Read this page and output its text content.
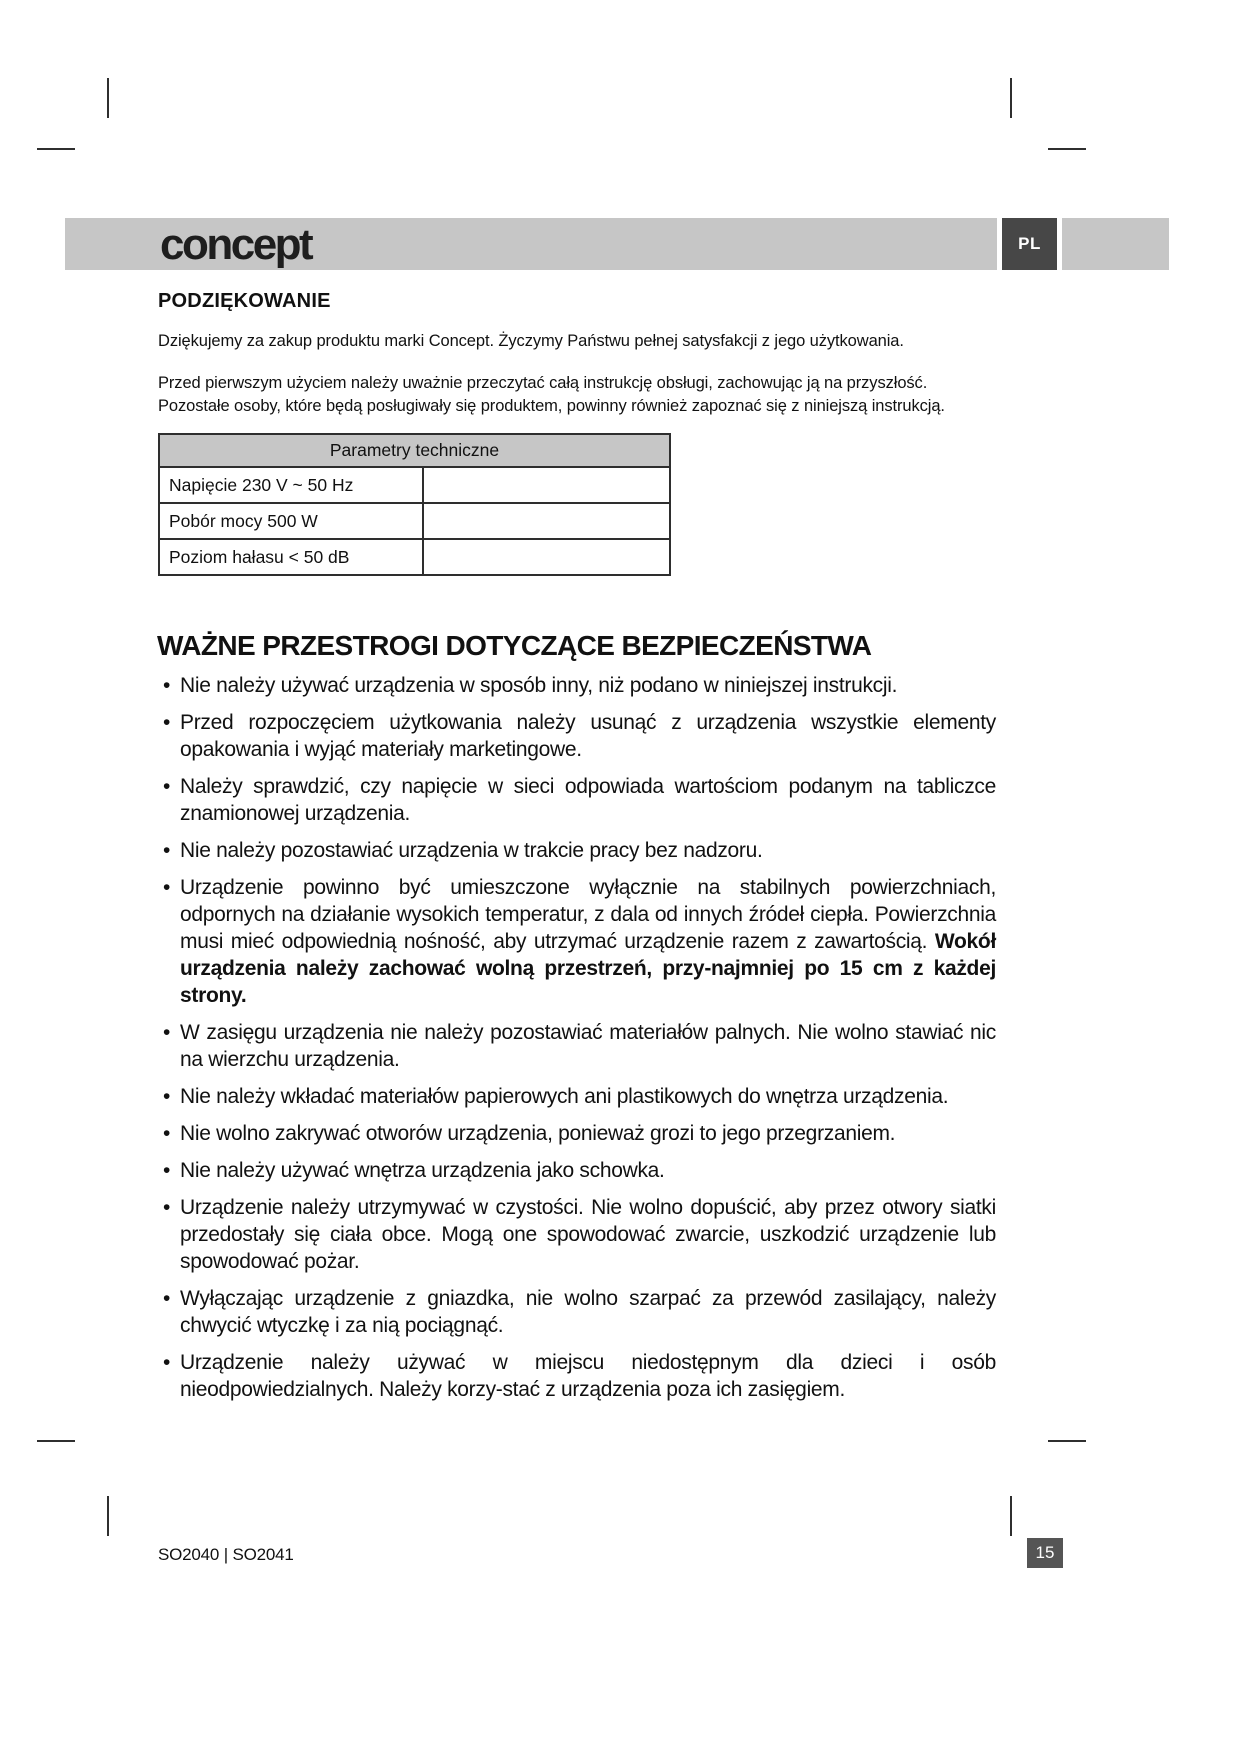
PL
concept
PODZIĘKOWANIE
Dziękujemy za zakup produktu marki Concept. Życzymy Państwu pełnej satysfakcji z jego użytkowania.
Przed pierwszym użyciem należy uważnie przeczytać całą instrukcję obsługi, zachowując ją na przyszłość.
Pozostałe osoby, które będą posługiwały się produktem, powinny również zapoznać się z niniejszą instrukcją.
Parametry techniczne
Napięcie 230 V ~ 50 Hz
Pobór mocy 500 W
Poziom hałasu < 50 dB
WAŻNE PRZESTROGI DOTYCZĄCE BEZPIECZEŃSTWA
• Nie należy używać urządzenia w sposób inny, niż podano w niniejszej instrukcji.
• Przed rozpoczęciem użytkowania należy usunąć z urządzenia wszystkie elementy opakowania i wyjąć materiały marketingowe.
• Należy sprawdzić, czy napięcie w sieci odpowiada wartościom podanym na tabliczce znamionowej urządzenia.
• Nie należy pozostawiać urządzenia w trakcie pracy bez nadzoru.
• Urządzenie powinno być umieszczone wyłącznie na stabilnych powierzchniach, odpornych na działanie wysokich temperatur, z dala od innych źródeł ciepła. Powierzchnia musi mieć odpowiednią nośność, aby utrzymać urządzenie razem z zawartością. Wokół urządzenia należy zachować wolną przestrzeń, przy-najmniej po 15 cm z każdej strony.
• W zasięgu urządzenia nie należy pozostawiać materiałów palnych. Nie wolno stawiać nic na wierzchu urządzenia.
• Nie należy wkładać materiałów papierowych ani plastikowych do wnętrza urządzenia.
• Nie wolno zakrywać otworów urządzenia, ponieważ grozi to jego przegrzaniem.
• Nie należy używać wnętrza urządzenia jako schowka.
• Urządzenie należy utrzymywać w czystości. Nie wolno dopuścić, aby przez otwory siatki przedostały się ciała obce. Mogą one spowodować zwarcie, uszkodzić urządzenie lub spowodować pożar.
• Wyłączając urządzenie z gniazdka, nie wolno szarpać za przewód zasilający, należy chwycić wtyczkę i za nią pociągnąć.
• Urządzenie należy używać w miejscu niedostępnym dla dzieci i osób nieodpowiedzialnych. Należy korzy-stać z urządzenia poza ich zasięgiem.
SO2040 | SO2041	15
